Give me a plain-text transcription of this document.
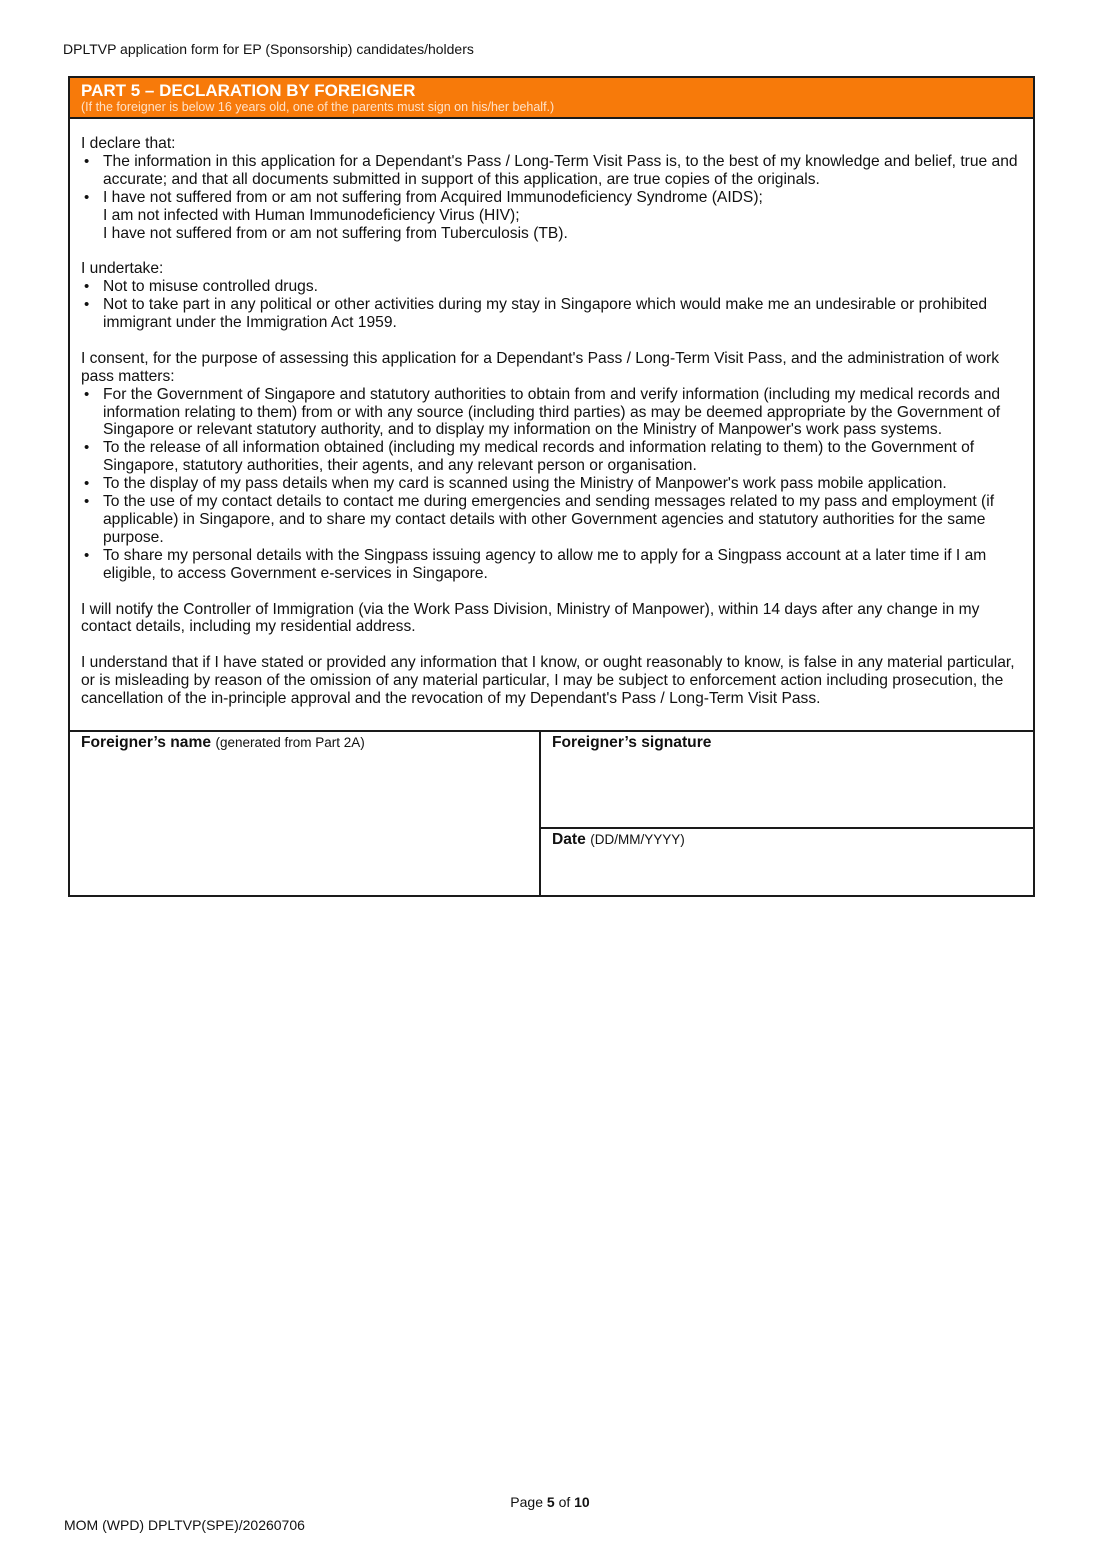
DPLTVP application form for EP (Sponsorship) candidates/holders
PART 5 – DECLARATION BY FOREIGNER
(If the foreigner is below 16 years old, one of the parents must sign on his/her behalf.)

I declare that:

• The information in this application for a Dependant's Pass / Long-Term Visit Pass is, to the best of my knowledge and belief, true and accurate; and that all documents submitted in support of this application, are true copies of the originals.
• I have not suffered from or am not suffering from Acquired Immunodeficiency Syndrome (AIDS);
I am not infected with Human Immunodeficiency Virus (HIV);
I have not suffered from or am not suffering from Tuberculosis (TB).

I undertake:

• Not to misuse controlled drugs.
• Not to take part in any political or other activities during my stay in Singapore which would make me an undesirable or prohibited immigrant under the Immigration Act 1959.

I consent, for the purpose of assessing this application for a Dependant's Pass / Long-Term Visit Pass, and the administration of work pass matters:

• For the Government of Singapore and statutory authorities to obtain from and verify information (including my medical records and information relating to them) from or with any source (including third parties) as may be deemed appropriate by the Government of Singapore or relevant statutory authority, and to display my information on the Ministry of Manpower's work pass systems.
• To the release of all information obtained (including my medical records and information relating to them) to the Government of Singapore, statutory authorities, their agents, and any relevant person or organisation.
• To the display of my pass details when my card is scanned using the Ministry of Manpower's work pass mobile application.
• To the use of my contact details to contact me during emergencies and sending messages related to my pass and employment (if applicable) in Singapore, and to share my contact details with other Government agencies and statutory authorities for the same purpose.
• To share my personal details with the Singpass issuing agency to allow me to apply for a Singpass account at a later time if I am eligible, to access Government e-services in Singapore.

I will notify the Controller of Immigration (via the Work Pass Division, Ministry of Manpower), within 14 days after any change in my contact details, including my residential address.

I understand that if I have stated or provided any information that I know, or ought reasonably to know, is false in any material particular, or is misleading by reason of the omission of any material particular, I may be subject to enforcement action including prosecution, the cancellation of the in-principle approval and the revocation of my Dependant's Pass / Long-Term Visit Pass.

Foreigner’s name (generated from Part 2A)	Foreigner’s signature
Date (DD/MM/YYYY)
Page 5 of 10
MOM (WPD) DPLTVP(SPE)/20260706
